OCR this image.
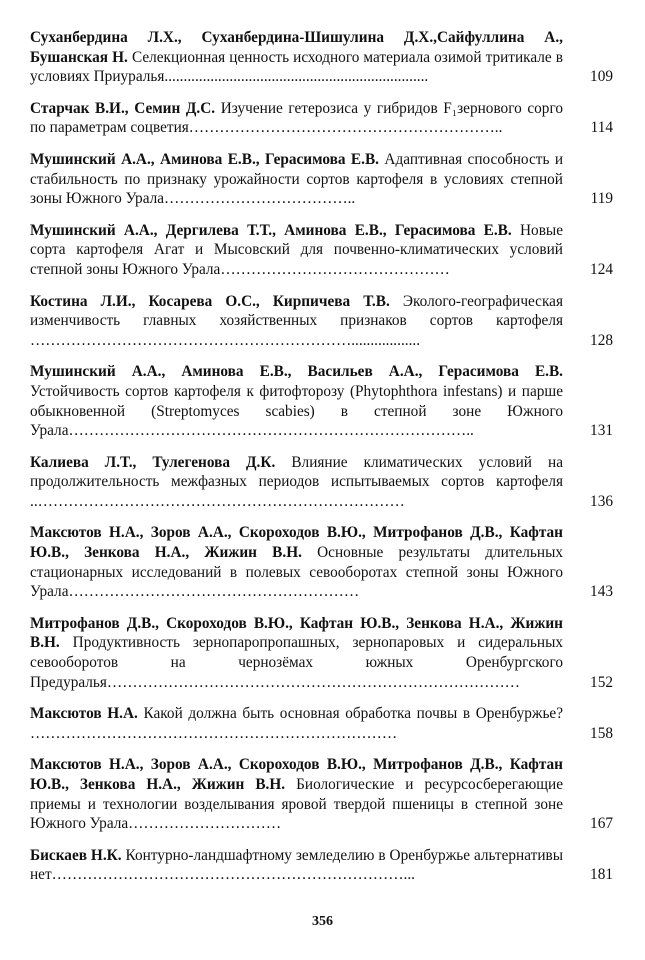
Суханбердина Л.Х., Суханбердина-Шишулина Д.Х.,Сайфуллина А., Бушанская Н. Селекционная ценность исходного материала озимой тритикале в условиях Приуралья.....................................................................	109
Старчак В.И., Семин Д.С. Изучение гетерозиса у гибридов F₁зернового сорго по параметрам соцветия……………………………………………………..	114
Мушинский А.А., Аминова Е.В., Герасимова Е.В. Адаптивная способность и стабильность по признаку урожайности сортов картофеля в условиях степной зоны Южного Урала………………………………..	119
Мушинский А.А., Дергилева Т.Т., Аминова Е.В., Герасимова Е.В. Новые сорта картофеля Агат и Мысовский для почвенно-климатических условий степной зоны Южного Урала………………………………………	124
Костина Л.И., Косарева О.С., Кирпичева Т.В. Эколого-географическая изменчивость главных хозяйственных признаков сортов картофеля ………………………………………………………..................	128
Мушинский А.А., Аминова Е.В., Васильев А.А., Герасимова Е.В. Устойчивость сортов картофеля к фитофторозу (Phytophthora infestans) и парше обыкновенной (Streptomyces scabies) в степной зоне Южного Урала……………………………………………………………………..	131
Калиева Л.Т., Тулегенова Д.К. Влияние климатических условий на продолжительность межфазных периодов испытываемых сортов картофеля ..………………………………………………………………	136
Максютов Н.А., Зоров А.А., Скороходов В.Ю., Митрофанов Д.В., Кафтан Ю.В., Зенкова Н.А., Жижин В.Н. Основные результаты длительных стационарных исследований в полевых севооборотах степной зоны Южного Урала…………………………………………………	143
Митрофанов Д.В., Скороходов В.Ю., Кафтан Ю.В., Зенкова Н.А., Жижин В.Н. Продуктивность зернопаропропашных, зернопаровых и сидеральных севооборотов на чернозёмах южных Оренбургского Предуралья………………………………………………………………………	152
Максютов Н.А. Какой должна быть основная обработка почвы в Оренбуржье? ………………………………………………………………	158
Максютов Н.А., Зоров А.А., Скороходов В.Ю., Митрофанов Д.В., Кафтан Ю.В., Зенкова Н.А., Жижин В.Н. Биологические и ресурсосберегающие приемы и технологии возделывания яровой твердой пшеницы в степной зоне Южного Урала…………………………	167
Бискаев Н.К. Контурно-ландшафтному земледелию в Оренбуржье альтернативы нет……………………………………………………………...	181
356
